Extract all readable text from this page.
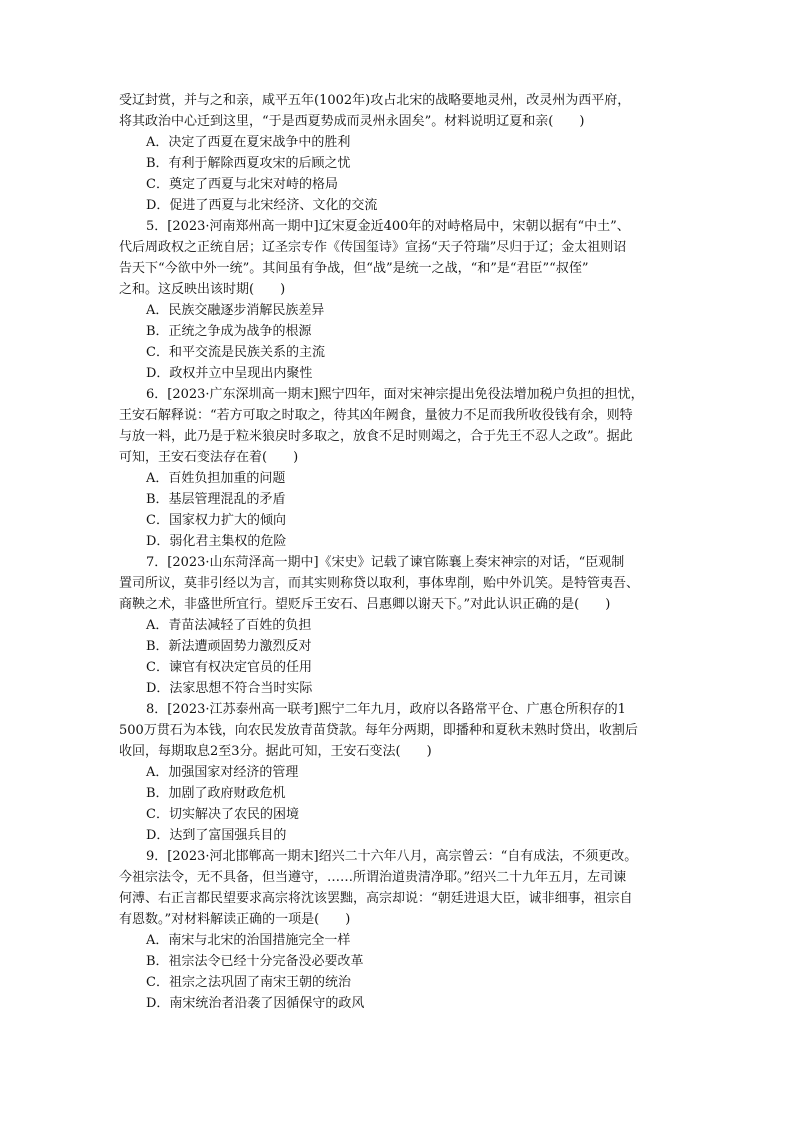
受辽封赏，并与之和亲，咸平五年(1002年)攻占北宋的战略要地灵州，改灵州为西平府，
将其政治中心迁到这里，“于是西夏势成而灵州永固矣”。材料说明辽夏和亲(　　)
A．决定了西夏在夏宋战争中的胜利
B．有利于解除西夏攻宋的后顾之忧
C．奠定了西夏与北宋对峙的格局
D．促进了西夏与北宋经济、文化的交流
5．[2023·河南郑州高一期中]辽宋夏金近400年的对峙格局中，宋朝以据有“中土”、
代后周政权之正统自居；辽圣宗专作《传国玺诗》宣扬“天子符瑞”尽归于辽；金太祖则诏
告天下“今欲中外一统”。其间虽有争战，但“战”是统一之战，“和”是“君臣”“叔侄”
之和。这反映出该时期(　　)
A．民族交融逐步消解民族差异
B．正统之争成为战争的根源
C．和平交流是民族关系的主流
D．政权并立中呈现出内聚性
6．[2023·广东深圳高一期末]熙宁四年，面对宋神宗提出免役法增加税户负担的担忧，
王安石解释说：“若方可取之时取之，待其凶年阙食，量彼力不足而我所收役钱有余，则特
与放一料，此乃是于粒米狼戾时多取之，放食不足时则竭之，合于先王不忍人之政”。据此
可知，王安石变法存在着(　　)
A．百姓负担加重的问题
B．基层管理混乱的矛盾
C．国家权力扩大的倾向
D．弱化君主集权的危险
7．[2023·山东菏泽高一期中]《宋史》记载了谏官陈襄上奏宋神宗的对话，“臣观制
置司所议，莫非引经以为言，而其实则称贷以取利，事体卑削，贻中外讥笑。是特管夷吾、
商鞅之术，非盛世所宜行。望贬斥王安石、吕惠卿以谢天下。”对此认识正确的是(　　)
A．青苗法减轻了百姓的负担
B．新法遭顽固势力激烈反对
C．谏官有权决定官员的任用
D．法家思想不符合当时实际
8．[2023·江苏泰州高一联考]熙宁二年九月，政府以各路常平仓、广惠仓所积存的1
500万贯石为本钱，向农民发放青苗贷款。每年分两期，即播种和夏秋未熟时贷出，收割后
收回，每期取息2至3分。据此可知，王安石变法(　　)
A．加强国家对经济的管理
B．加剧了政府财政危机
C．切实解决了农民的困境
D．达到了富国强兵目的
9．[2023·河北邯郸高一期末]绍兴二十六年八月，高宗曾云：“自有成法，不须更改。
今祖宗法令，无不具备，但当遵守，……所谓治道贵清净耶。”绍兴二十九年五月，左司谏
何溥、右正言都民望要求高宗将沈该罢黜，高宗却说：“朝廷进退大臣，诚非细事，祖宗自
有恩数。”对材料解读正确的一项是(　　)
A．南宋与北宋的治国措施完全一样
B．祖宗法令已经十分完备没必要改革
C．祖宗之法巩固了南宋王朝的统治
D．南宋统治者沿袭了因循保守的政风
